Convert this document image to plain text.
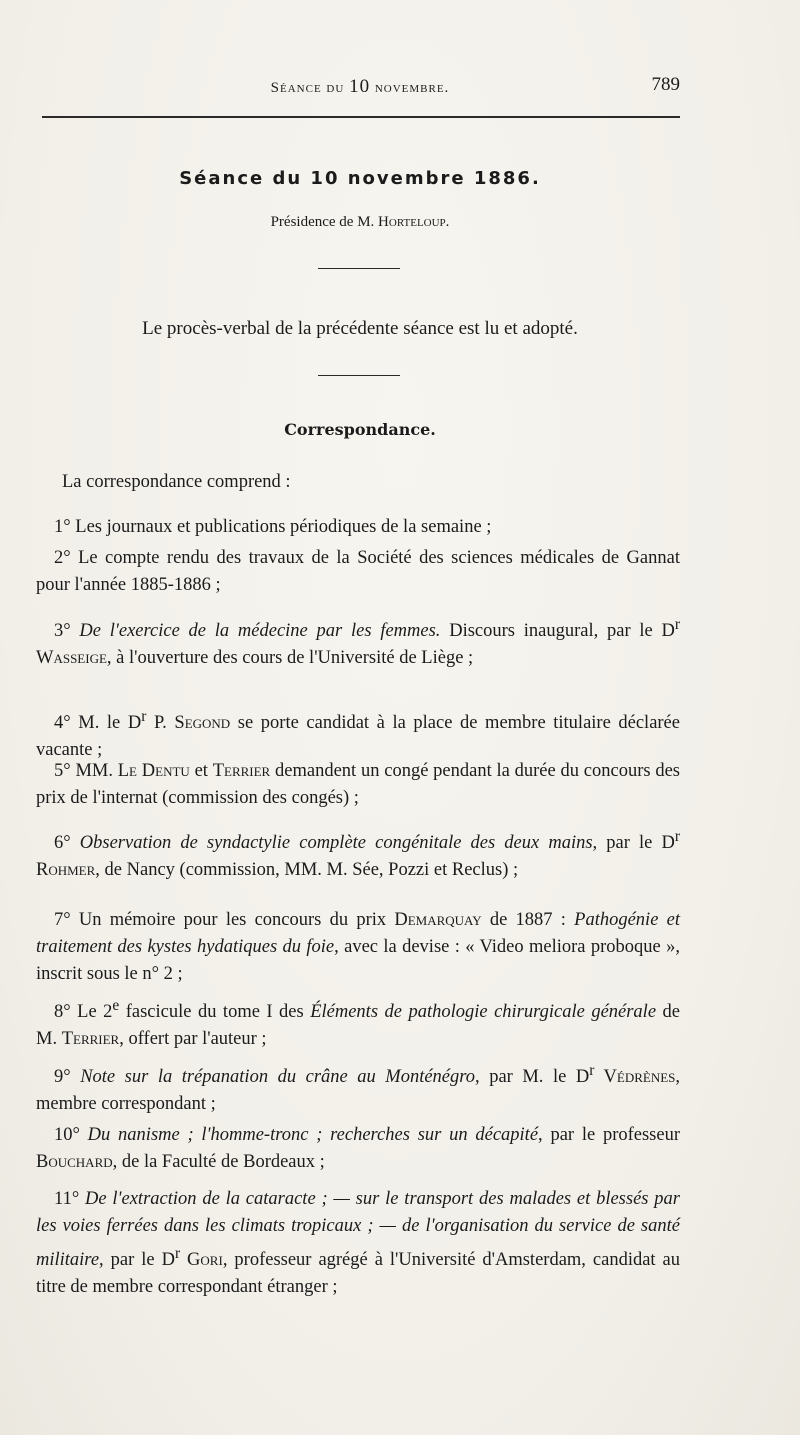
Séance du 10 novembre.	789
Séance du 10 novembre 1886.
Présidence de M. Horteloup.
Le procès-verbal de la précédente séance est lu et adopté.
Correspondance.
La correspondance comprend :
1° Les journaux et publications périodiques de la semaine ;
2° Le compte rendu des travaux de la Société des sciences médicales de Gannat pour l'année 1885-1886 ;
3° De l'exercice de la médecine par les femmes. Discours inaugural, par le $D^r$ Wasseige, à l'ouverture des cours de l'Université de Liège ;
4° M. le $D^r$ P. Segond se porte candidat à la place de membre titulaire déclarée vacante ;
5° MM. Le Dentu et Terrier demandent un congé pendant la durée du concours des prix de l'internat (commission des congés) ;
6° Observation de syndactylie complète congénitale des deux mains, par le $D^r$ Rohmer, de Nancy (commission, MM. M. Sée, Pozzi et Reclus) ;
7° Un mémoire pour les concours du prix Demarquay de 1887 : Pathogénie et traitement des kystes hydatiques du foie, avec la devise : « Video meliora proboque », inscrit sous le n° 2 ;
8° Le 2e fascicule du tome I des Éléments de pathologie chirurgicale générale de M. Terrier, offert par l'auteur ;
9° Note sur la trépanation du crâne au Monténégro, par M. le $D^r$ Védrènes, membre correspondant ;
10° Du nanisme ; l'homme-tronc ; recherches sur un décapité, par le professeur Bouchard, de la Faculté de Bordeaux ;
11° De l'extraction de la cataracte ; — sur le transport des malades et blessés par les voies ferrées dans les climats tropicaux ; — de l'organisation du service de santé militaire, par le $D^r$ Gori, professeur agrégé à l'Université d'Amsterdam, candidat au titre de membre correspondant étranger ;
